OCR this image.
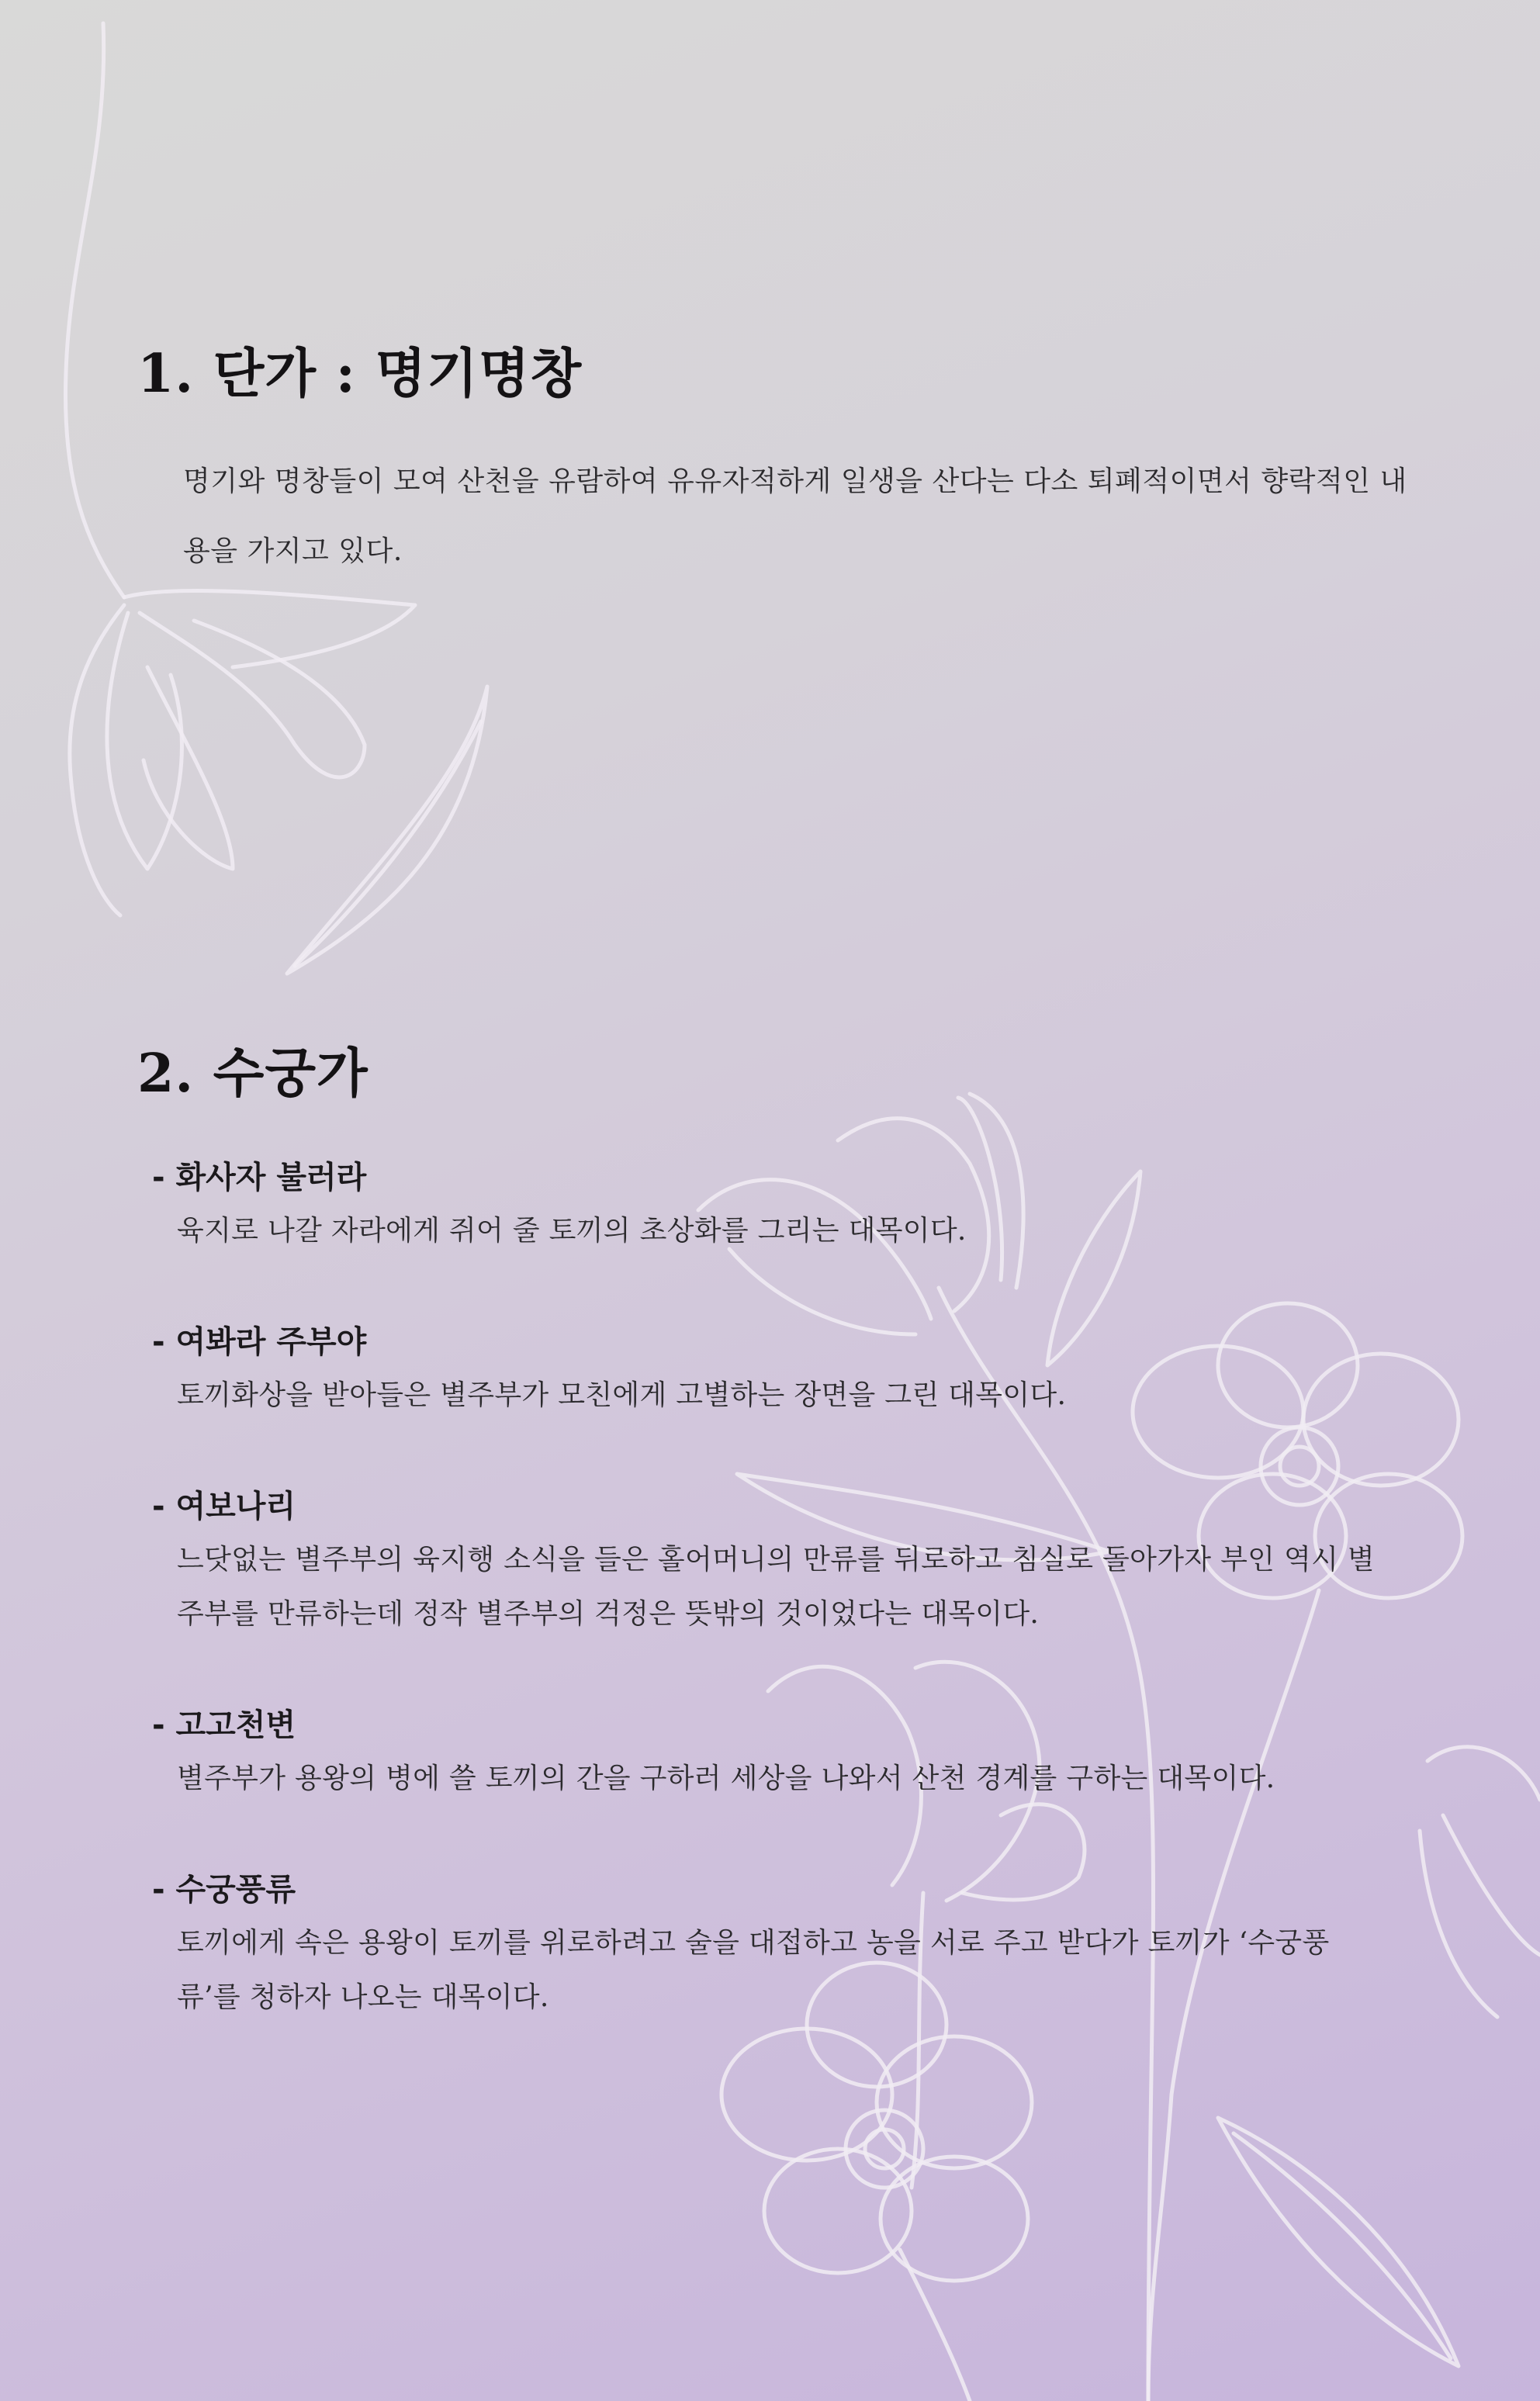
1. 단가 : 명기명창

명기와 명창들이 모여 산천을 유람하여 유유자적하게 일생을 산다는 다소 퇴폐적이면서 향락적인 내용을 가지고 있다.

2. 수궁가

- 화사자 불러라

육지로 나갈 자라에게 쥐어 줄 토끼의 초상화를 그리는 대목이다.

- 여봐라 주부야

토끼화상을 받아들은 별주부가 모친에게 고별하는 장면을 그린 대목이다.

- 여보나리

느닷없는 별주부의 육지행 소식을 들은 홀어머니의 만류를 뒤로하고 침실로 돌아가자 부인 역시 별주부를 만류하는데 정작 별주부의 걱정은 뜻밖의 것이었다는 대목이다.

- 고고천변

별주부가 용왕의 병에 쓸 토끼의 간을 구하러 세상을 나와서 산천 경계를 구하는 대목이다.

- 수궁풍류

토끼에게 속은 용왕이 토끼를 위로하려고 술을 대접하고 농을 서로 주고 받다가 토끼가 ‘수궁풍류’를 청하자 나오는 대목이다.
